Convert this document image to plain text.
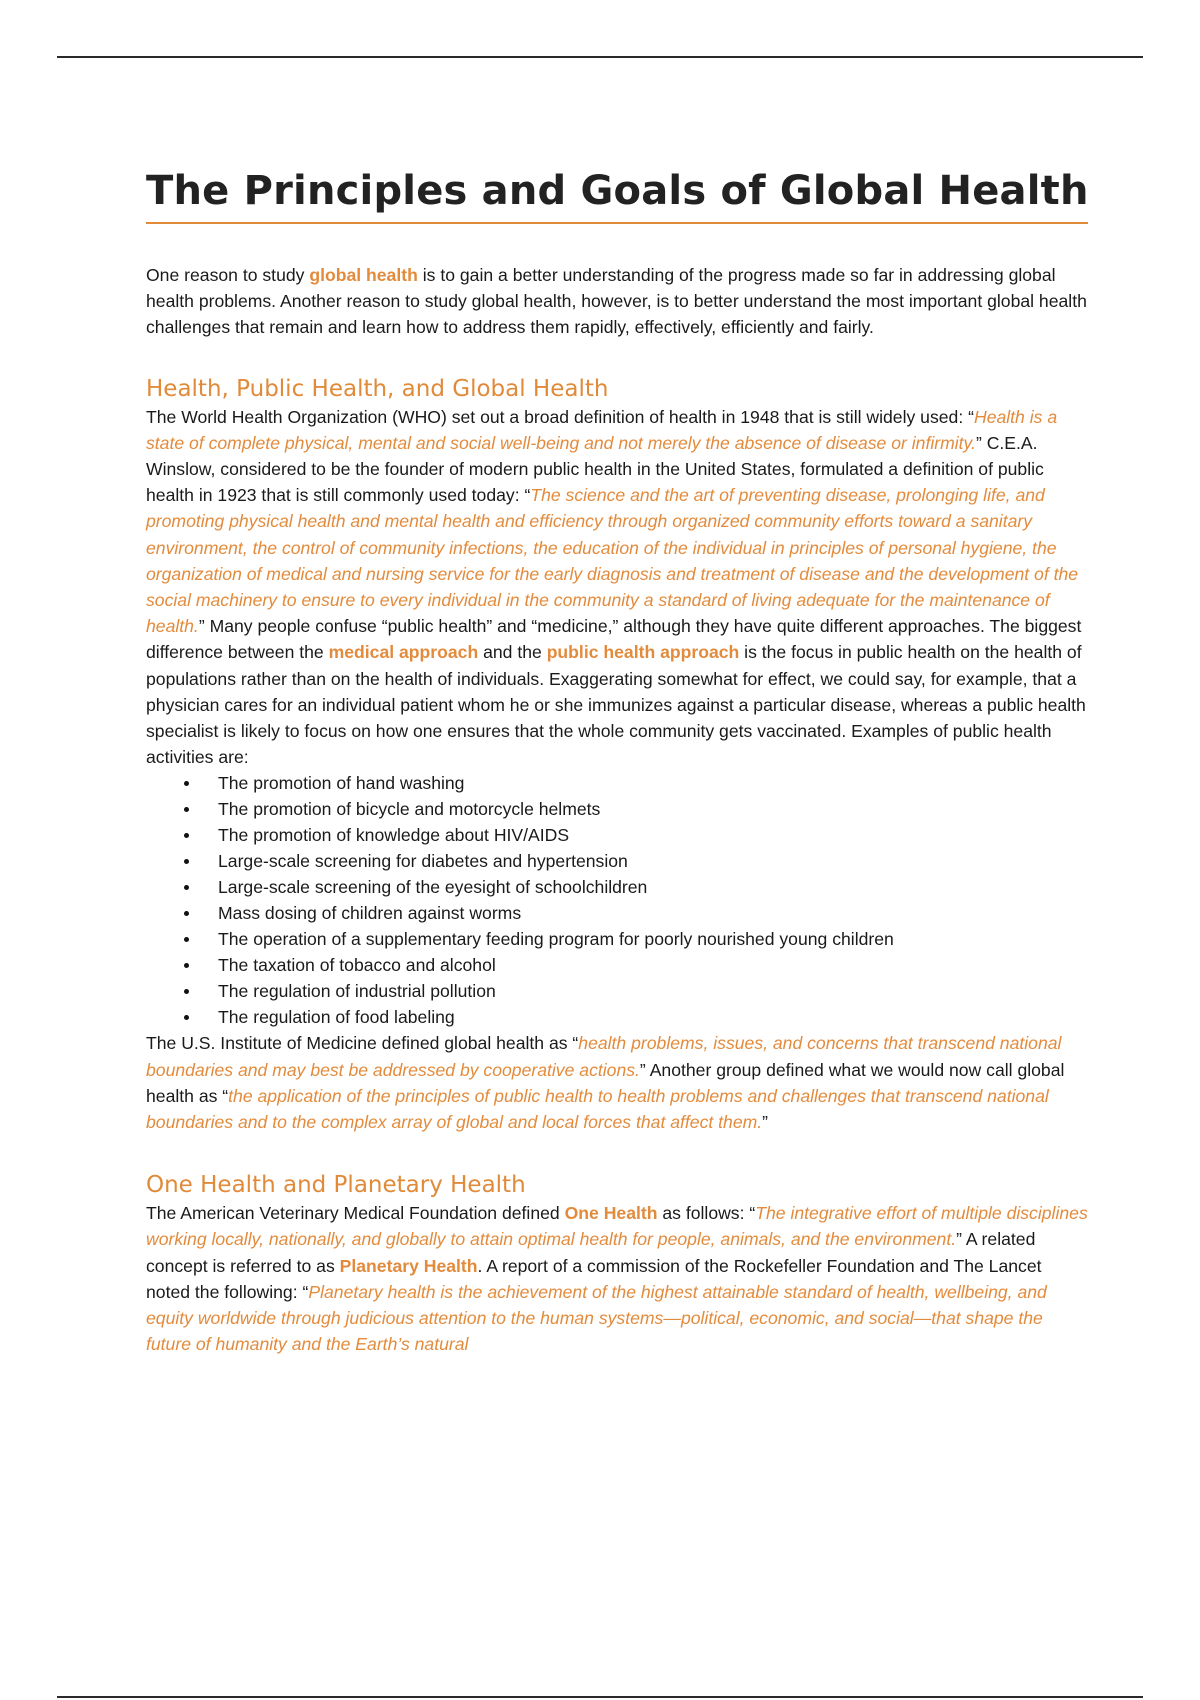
The Principles and Goals of Global Health

One reason to study global health is to gain a better understanding of the progress made so far in addressing global health problems. Another reason to study global health, however, is to better understand the most important global health challenges that remain and learn how to address them rapidly, effectively, efficiently and fairly.

Health, Public Health, and Global Health

The World Health Organization (WHO) set out a broad definition of health in 1948 that is still widely used: “Health is a state of complete physical, mental and social well-being and not merely the absence of disease or infirmity.” C.E.A. Winslow, considered to be the founder of modern public health in the United States, formulated a definition of public health in 1923 that is still commonly used today: “The science and the art of preventing disease, prolonging life, and promoting physical health and mental health and efficiency through organized community efforts toward a sanitary environment, the control of community infections, the education of the individual in principles of personal hygiene, the organization of medical and nursing service for the early diagnosis and treatment of disease and the development of the social machinery to ensure to every individual in the community a standard of living adequate for the maintenance of health.” Many people confuse “public health” and “medicine,” although they have quite different approaches. The biggest difference between the medical approach and the public health approach is the focus in public health on the health of populations rather than on the health of individuals. Exaggerating somewhat for effect, we could say, for example, that a physician cares for an individual patient whom he or she immunizes against a particular disease, whereas a public health specialist is likely to focus on how one ensures that the whole community gets vaccinated. Examples of public health activities are:

The promotion of hand washing
The promotion of bicycle and motorcycle helmets
The promotion of knowledge about HIV/AIDS
Large-scale screening for diabetes and hypertension
Large-scale screening of the eyesight of schoolchildren
Mass dosing of children against worms
The operation of a supplementary feeding program for poorly nourished young children
The taxation of tobacco and alcohol
The regulation of industrial pollution
The regulation of food labeling

The U.S. Institute of Medicine defined global health as “health problems, issues, and concerns that transcend national boundaries and may best be addressed by cooperative actions.” Another group defined what we would now call global health as “the application of the principles of public health to health problems and challenges that transcend national boundaries and to the complex array of global and local forces that affect them.”

One Health and Planetary Health

The American Veterinary Medical Foundation defined One Health as follows: “The integrative effort of multiple disciplines working locally, nationally, and globally to attain optimal health for people, animals, and the environment.” A related concept is referred to as Planetary Health. A report of a commission of the Rockefeller Foundation and The Lancet noted the following: “Planetary health is the achievement of the highest attainable standard of health, wellbeing, and equity worldwide through judicious attention to the human systems—political, economic, and social—that shape the future of humanity and the Earth’s natural
